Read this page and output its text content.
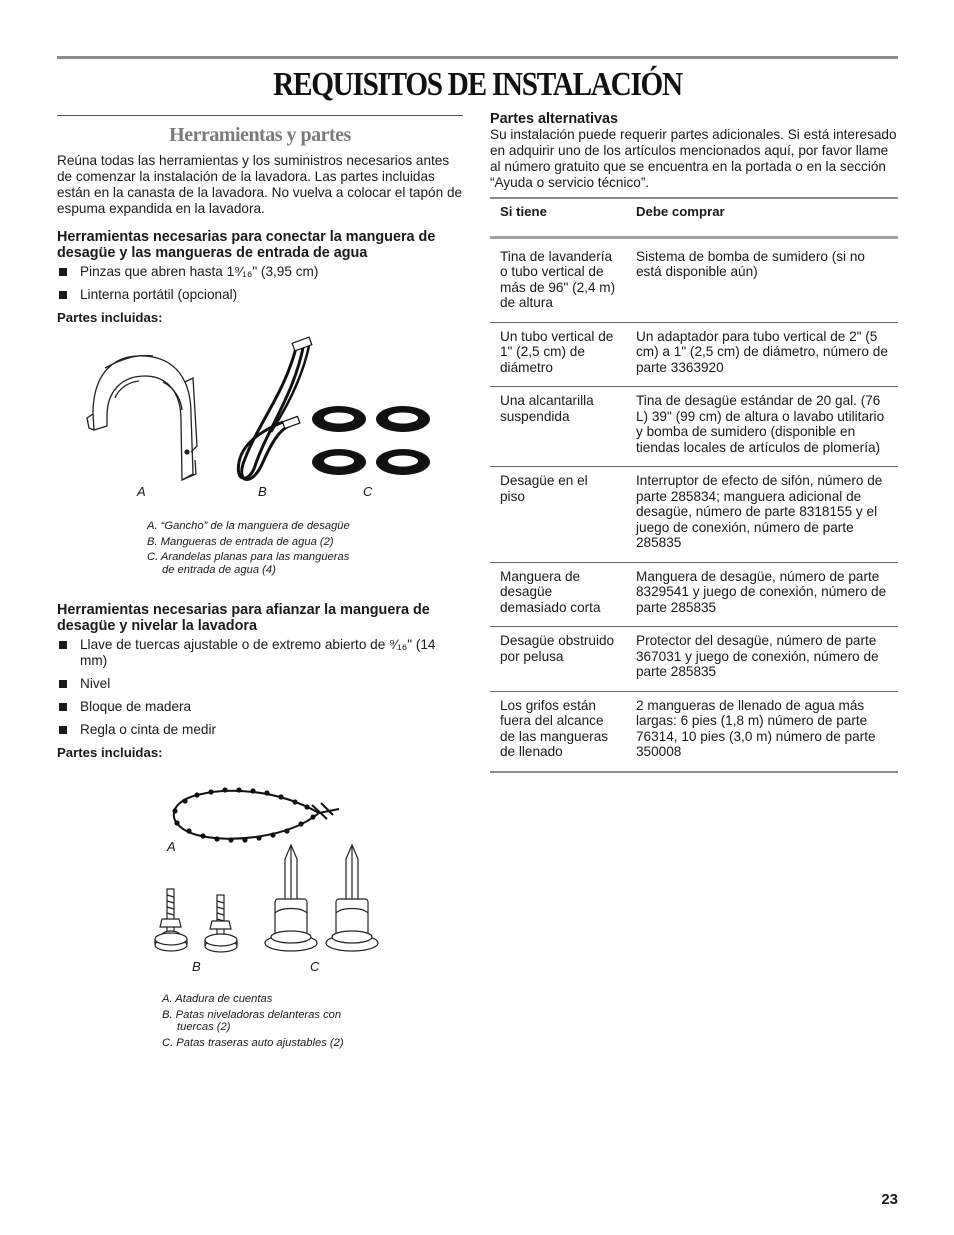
REQUISITOS DE INSTALACIÓN
Herramientas y partes

Reúna todas las herramientas y los suministros necesarios antes de comenzar la instalación de la lavadora. Las partes incluidas están en la canasta de la lavadora. No vuelva a colocar el tapón de espuma expandida en la lavadora.

Herramientas necesarias para conectar la manguera de desagüe y las mangueras de entrada de agua
Pinzas que abren hasta 1⁹⁄₁₆" (3,95 cm)
Linterna portátil (opcional)
Partes incluidas:
A	B	C
A. “Gancho” de la manguera de desagüe
B. Mangueras de entrada de agua (2)
C. Arandelas planas para las mangueras
de entrada de agua (4)
Herramientas necesarias para afianzar la manguera de desagüe y nivelar la lavadora
Llave de tuercas ajustable o de extremo abierto de ⁹⁄₁₆" (14 mm)
Nivel
Bloque de madera
Regla o cinta de medir
Partes incluidas:
A
B	C
A. Atadura de cuentas
B. Patas niveladoras delanteras con
tuercas (2)
C. Patas traseras auto ajustables (2)
Partes alternativas

Su instalación puede requerir partes adicionales. Si está interesado en adquirir uno de los artículos mencionados aquí, por favor llame al número gratuito que se encuentra en la portada o en la sección “Ayuda o servicio técnico”.

Si tiene	Debe comprar
Tina de lavandería o tubo vertical de más de 96" (2,4 m) de altura	Sistema de bomba de sumidero (si no está disponible aún)
Un tubo vertical de 1" (2,5 cm) de diámetro	Un adaptador para tubo vertical de 2" (5 cm) a 1" (2,5 cm) de diámetro, número de parte 3363920
Una alcantarilla suspendida	Tina de desagüe estándar de 20 gal. (76 L) 39" (99 cm) de altura o lavabo utilitario y bomba de sumidero (disponible en tiendas locales de artículos de plomería)
Desagüe en el piso	Interruptor de efecto de sifón, número de parte 285834; manguera adicional de desagüe, número de parte 8318155 y el juego de conexión, número de parte 285835
Manguera de desagüe demasiado corta	Manguera de desagüe, número de parte 8329541 y juego de conexión, número de parte 285835
Desagüe obstruido por pelusa	Protector del desagüe, número de parte 367031 y juego de conexión, número de parte 285835
Los grifos están fuera del alcance de las mangueras de llenado	2 mangueras de llenado de agua más largas: 6 pies (1,8 m) número de parte 76314, 10 pies (3,0 m) número de parte 350008
23
